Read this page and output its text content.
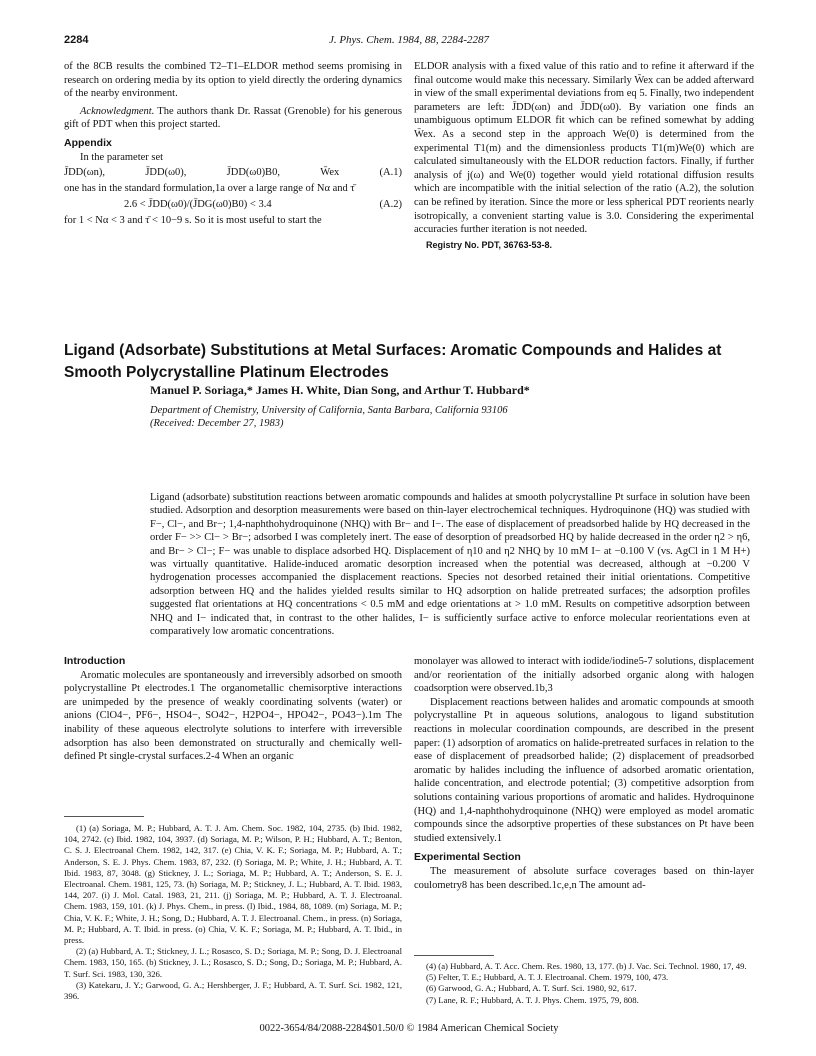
2284	J. Phys. Chem. 1984, 88, 2284-2287

of the 8CB results the combined T2–T1–ELDOR method seems promising in research on ordering media by its option to yield directly the ordering dynamics of the nearby environment.

Acknowledgment. The authors thank Dr. Rassat (Grenoble) for his generous gift of PDT when this project started.

Appendix

In the parameter set

J̄DD(ωn),	J̄DD(ω0),	J̄DD(ω0)B0,	W̄ex	(A.1)

one has in the standard formulation,1a over a large range of Nα and τ̄

2.6 < J̄DD(ω0)/(J̄DG(ω0)B0) < 3.4	(A.2)

for 1 < Nα < 3 and τ̄ < 10−9 s. So it is most useful to start the

ELDOR analysis with a fixed value of this ratio and to refine it afterward if the final outcome would make this necessary. Similarly W̄ex can be added afterward in view of the small experimental deviations from eq 5. Finally, two independent parameters are left: J̄DD(ωn) and J̄DD(ω0). By variation one finds an unambiguous optimum ELDOR fit which can be refined somewhat by adding W̄ex. As a second step in the approach We(0) is determined from the experimental T1(m) and the dimensionless products T1(m)We(0) which are calculated simultaneously with the ELDOR reduction factors. Finally, if further analysis of j(ω) and We(0) together would yield rotational diffusion results which are incompatible with the initial selection of the ratio (A.2), the solution can be refined by iteration. Since the more or less spherical PDT reorients nearly isotropically, a convenient starting value is 3.0. Considering the experimental accuracies further iteration is not needed.

Registry No. PDT, 36763-53-8.

Ligand (Adsorbate) Substitutions at Metal Surfaces: Aromatic Compounds and Halides at Smooth Polycrystalline Platinum Electrodes
Manuel P. Soriaga,* James H. White, Dian Song, and Arthur T. Hubbard*
Department of Chemistry, University of California, Santa Barbara, California 93106
(Received: December 27, 1983)
Ligand (adsorbate) substitution reactions between aromatic compounds and halides at smooth polycrystalline Pt surface in solution have been studied. Adsorption and desorption measurements were based on thin-layer electrochemical techniques. Hydroquinone (HQ) was studied with F−, Cl−, and Br−; 1,4-naphthohydroquinone (NHQ) with Br− and I−. The ease of displacement of preadsorbed halide by HQ decreased in the order F− >> Cl− > Br−; adsorbed I was completely inert. The ease of desorption of preadsorbed HQ by halide decreased in the order η2 > η6, and Br− > Cl−; F− was unable to displace adsorbed HQ. Displacement of η10 and η2 NHQ by 10 mM I− at −0.100 V (vs. AgCl in 1 M H+) was virtually quantitative. Halide-induced aromatic desorption increased when the potential was decreased, although at −0.200 V hydrogenation processes accompanied the displacement reactions. Species not desorbed retained their initial orientations. Competitive adsorption between HQ and the halides yielded results similar to HQ adsorption on halide pretreated surfaces; the adsorption profiles suggested flat orientations at HQ concentrations < 0.5 mM and edge orientations at > 1.0 mM. Results on competitive adsorption between NHQ and I− indicated that, in contrast to the other halides, I− is sufficiently surface active to enforce molecular reorientations even at comparatively low aromatic concentrations.

Introduction

Aromatic molecules are spontaneously and irreversibly adsorbed on smooth polycrystalline Pt electrodes.1 The organometallic chemisorptive interactions are unimpeded by the presence of weakly coordinating solvents (water) or anions (ClO4−, PF6−, HSO4−, SO42−, H2PO4−, HPO42−, PO43−).1m The inability of these aqueous electrolyte solutions to interfere with irreversible adsorption has also been demonstrated on structurally and chemically well-defined Pt single-crystal surfaces.2-4 When an organic

(1) (a) Soriaga, M. P.; Hubbard, A. T. J. Am. Chem. Soc. 1982, 104, 2735. (b) Ibid. 1982, 104, 2742. (c) Ibid. 1982, 104, 3937. (d) Soriaga, M. P.; Wilson, P. H.; Hubbard, A. T.; Benton, C. S. J. Electroanal Chem. 1982, 142, 317. (e) Chia, V. K. F.; Soriaga, M. P.; Hubbard, A. T.; Anderson, S. E. J. Phys. Chem. 1983, 87, 232. (f) Soriaga, M. P.; White, J. H.; Hubbard, A. T. Ibid. 1983, 87, 3048. (g) Stickney, J. L.; Soriaga, M. P.; Hubbard, A. T.; Anderson, S. E. J. Electroanal. Chem. 1981, 125, 73. (h) Soriaga, M. P.; Stickney, J. L.; Hubbard, A. T. Ibid. 1983, 144, 207. (i) J. Mol. Catal. 1983, 21, 211. (j) Soriaga, M. P.; Hubbard, A. T. J. Electroanal. Chem. 1983, 159, 101. (k) J. Phys. Chem., in press. (l) Ibid., 1984, 88, 1089. (m) Soriaga, M. P.; Chia, V. K. F.; White, J. H.; Song, D.; Hubbard, A. T. J. Electroanal. Chem., in press. (n) Soriaga, M. P.; Hubbard, A. T. Ibid. in press. (o) Chia, V. K. F.; Soriaga, M. P.; Hubbard, A. T. Ibid., in press.

(2) (a) Hubbard, A. T.; Stickney, J. L.; Rosasco, S. D.; Soriaga, M. P.; Song, D. J. Electroanal Chem. 1983, 150, 165. (b) Stickney, J. L.; Rosasco, S. D.; Song, D.; Soriaga, M. P.; Hubbard, A. T. Surf. Sci. 1983, 130, 326.

(3) Katekaru, J. Y.; Garwood, G. A.; Hershberger, J. F.; Hubbard, A. T. Surf. Sci. 1982, 121, 396.

monolayer was allowed to interact with iodide/iodine5-7 solutions, displacement and/or reorientation of the initially adsorbed organic along with halogen coadsorption were observed.1b,3

Displacement reactions between halides and aromatic compounds at smooth polycrystalline Pt in aqueous solutions, analogous to ligand substitution reactions in molecular coordination compounds, are described in the present paper: (1) adsorption of aromatics on halide-pretreated surfaces in relation to the ease of displacement of preadsorbed halide; (2) displacement of preadsorbed aromatic by halides including the influence of adsorbed aromatic orientation, halide concentration, and electrode potential; (3) competitive adsorption from solutions containing various proportions of aromatic and halides. Hydroquinone (HQ) and 1,4-naphthohydroquinone (NHQ) were employed as model aromatic compounds since the adsorptive properties of these substances on Pt have been studied extensively.1

Experimental Section

The measurement of absolute surface coverages based on thin-layer coulometry8 has been described.1c,e,n The amount ad-

(4) (a) Hubbard, A. T. Acc. Chem. Res. 1980, 13, 177. (b) J. Vac. Sci. Technol. 1980, 17, 49.

(5) Felter, T. E.; Hubbard, A. T. J. Electroanal. Chem. 1979, 100, 473.

(6) Garwood, G. A.; Hubbard, A. T. Surf. Sci. 1980, 92, 617.

(7) Lane, R. F.; Hubbard, A. T. J. Phys. Chem. 1975, 79, 808.

0022-3654/84/2088-2284$01.50/0 © 1984 American Chemical Society
